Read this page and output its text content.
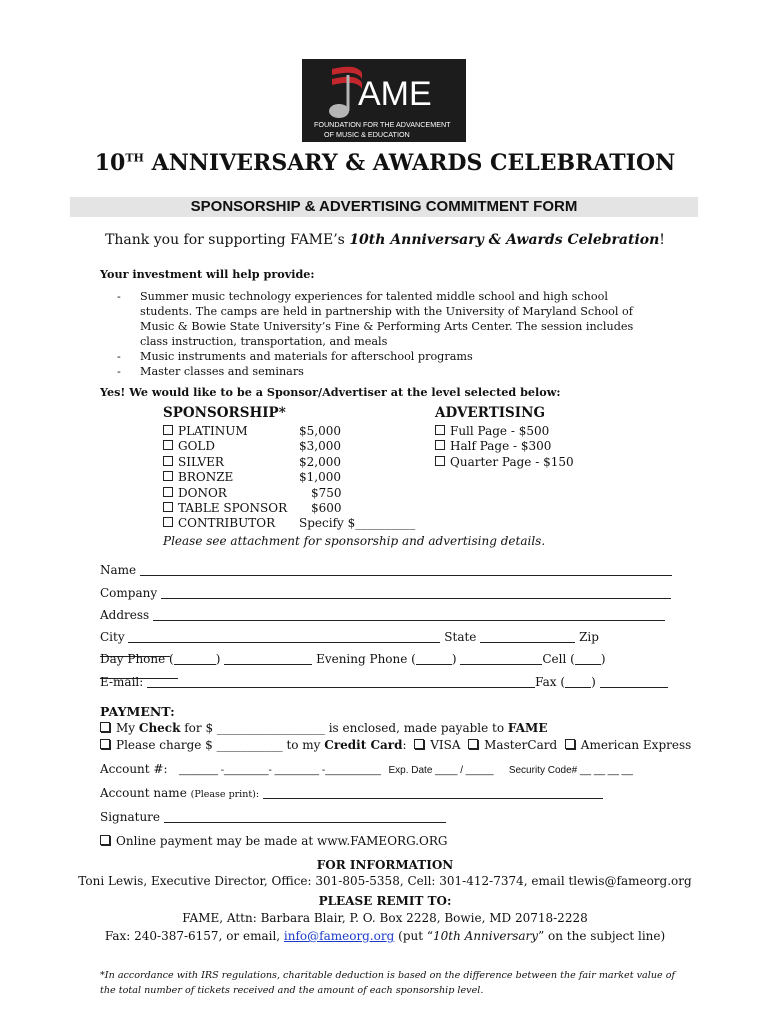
AME
FOUNDATION FOR THE ADVANCEMENT
OF MUSIC & EDUCATION
10TH ANNIVERSARY & AWARDS CELEBRATION
SPONSORSHIP & ADVERTISING COMMITMENT FORM
Thank you for supporting FAME’s 10th Anniversary & Awards Celebration!
Your investment will help provide:
- Summer music technology experiences for talented middle school and high school students. The camps are held in partnership with the University of Maryland School of Music & Bowie State University’s Fine & Performing Arts Center. The session includes class instruction, transportation, and meals
- Music instruments and materials for afterschool programs
- Master classes and seminars
Yes! We would like to be a Sponsor/Advertiser at the level selected below:
SPONSORSHIP*
PLATINUM	$5,000
GOLD	$3,000
SILVER	$2,000
BRONZE	$1,000
DONOR	$750
TABLE SPONSOR $600
CONTRIBUTOR Specify $__________
Please see attachment for sponsorship and advertising details.
ADVERTISING
Full Page - $500
Half Page - $300
Quarter Page - $150
Name
Company
Address
City	State	Zip
Day Phone (	)	Evening Phone (	)	Cell ( )
E-mail:	Fax ( )
PAYMENT:
My Check for $ __________________ is enclosed, made payable to FAME
Please charge $ ___________ to my Credit Card: VISA MasterCard American Express
Account #: _______ -________- ________ -__________ Exp. Date ____ / _____ Security Code# __ __ __ __
Account name (Please print):
Signature
Online payment may be made at www.FAMEORG.ORG
FOR INFORMATION
Toni Lewis, Executive Director, Office: 301-805-5358, Cell: 301-412-7374, email tlewis@fameorg.org
PLEASE REMIT TO:
FAME, Attn: Barbara Blair, P. O. Box 2228, Bowie, MD 20718-2228
Fax: 240-387-6157, or email, info@fameorg.org (put “10th Anniversary” on the subject line)
*In accordance with IRS regulations, charitable deduction is based on the difference between the fair market value of the total number of tickets received and the amount of each sponsorship level.
